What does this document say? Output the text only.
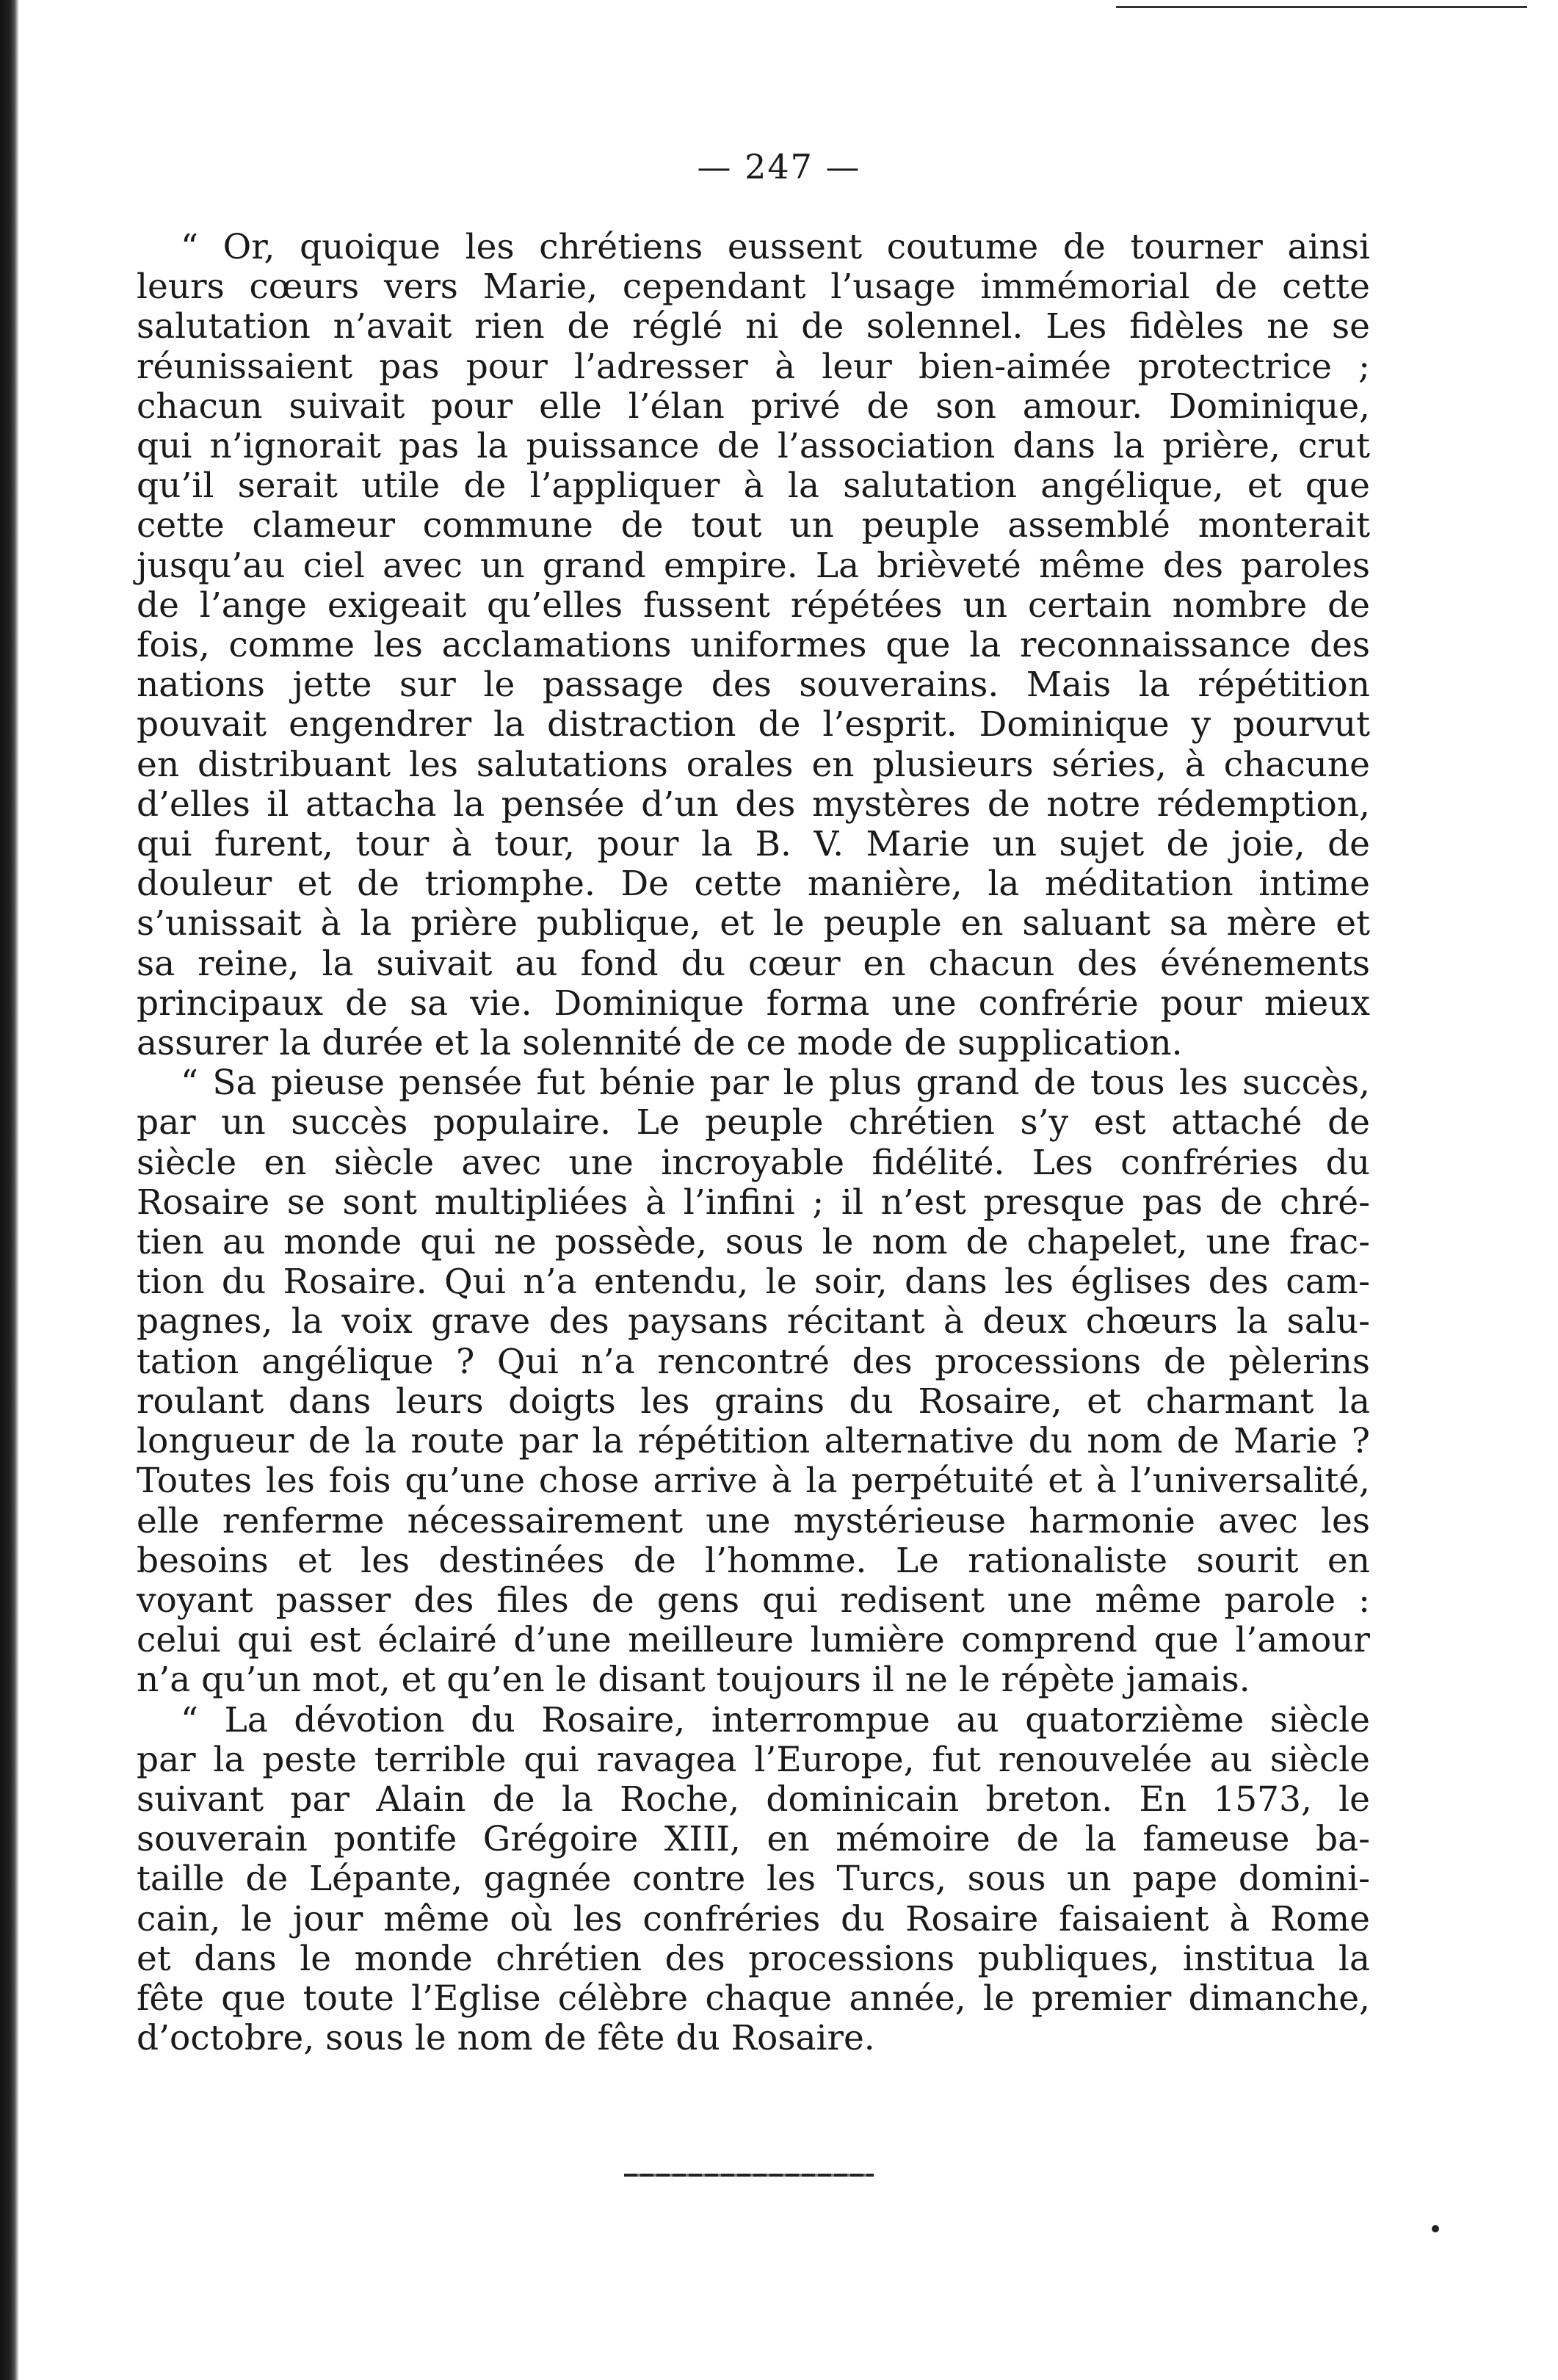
— 247 —

“ Or, quoique les chrétiens eussent coutume de tourner ainsi
leurs cœurs vers Marie, cependant l’usage immémorial de cette
salutation n’avait rien de réglé ni de solennel. Les fidèles ne se
réunissaient pas pour l’adresser à leur bien-aimée protectrice ;
chacun suivait pour elle l’élan privé de son amour. Dominique,
qui n’ignorait pas la puissance de l’association dans la prière, crut
qu’il serait utile de l’appliquer à la salutation angélique, et que
cette clameur commune de tout un peuple assemblé monterait
jusqu’au ciel avec un grand empire. La brièveté même des paroles
de l’ange exigeait qu’elles fussent répétées un certain nombre de
fois, comme les acclamations uniformes que la reconnaissance des
nations jette sur le passage des souverains. Mais la répétition
pouvait engendrer la distraction de l’esprit. Dominique y pourvut
en distribuant les salutations orales en plusieurs séries, à chacune
d’elles il attacha la pensée d’un des mystères de notre rédemption,
qui furent, tour à tour, pour la B. V. Marie un sujet de joie, de
douleur et de triomphe. De cette manière, la méditation intime
s’unissait à la prière publique, et le peuple en saluant sa mère et
sa reine, la suivait au fond du cœur en chacun des événements
principaux de sa vie. Dominique forma une confrérie pour mieux
assurer la durée et la solennité de ce mode de supplication.

“ Sa pieuse pensée fut bénie par le plus grand de tous les succès,
par un succès populaire. Le peuple chrétien s’y est attaché de
siècle en siècle avec une incroyable fidélité. Les confréries du
Rosaire se sont multipliées à l’infini ; il n’est presque pas de chré-
tien au monde qui ne possède, sous le nom de chapelet, une frac-
tion du Rosaire. Qui n’a entendu, le soir, dans les églises des cam-
pagnes, la voix grave des paysans récitant à deux chœurs la salu-
tation angélique ? Qui n’a rencontré des processions de pèlerins
roulant dans leurs doigts les grains du Rosaire, et charmant la
longueur de la route par la répétition alternative du nom de Marie ?
Toutes les fois qu’une chose arrive à la perpétuité et à l’universalité,
elle renferme nécessairement une mystérieuse harmonie avec les
besoins et les destinées de l’homme. Le rationaliste sourit en
voyant passer des files de gens qui redisent une même parole :
celui qui est éclairé d’une meilleure lumière comprend que l’amour
n’a qu’un mot, et qu’en le disant toujours il ne le répète jamais.

“ La dévotion du Rosaire, interrompue au quatorzième siècle
par la peste terrible qui ravagea l’Europe, fut renouvelée au siècle
suivant par Alain de la Roche, dominicain breton. En 1573, le
souverain pontife Grégoire XIII, en mémoire de la fameuse ba-
taille de Lépante, gagnée contre les Turcs, sous un pape domini-
cain, le jour même où les confréries du Rosaire faisaient à Rome
et dans le monde chrétien des processions publiques, institua la
fête que toute l’Eglise célèbre chaque année, le premier dimanche,
d’octobre, sous le nom de fête du Rosaire.
